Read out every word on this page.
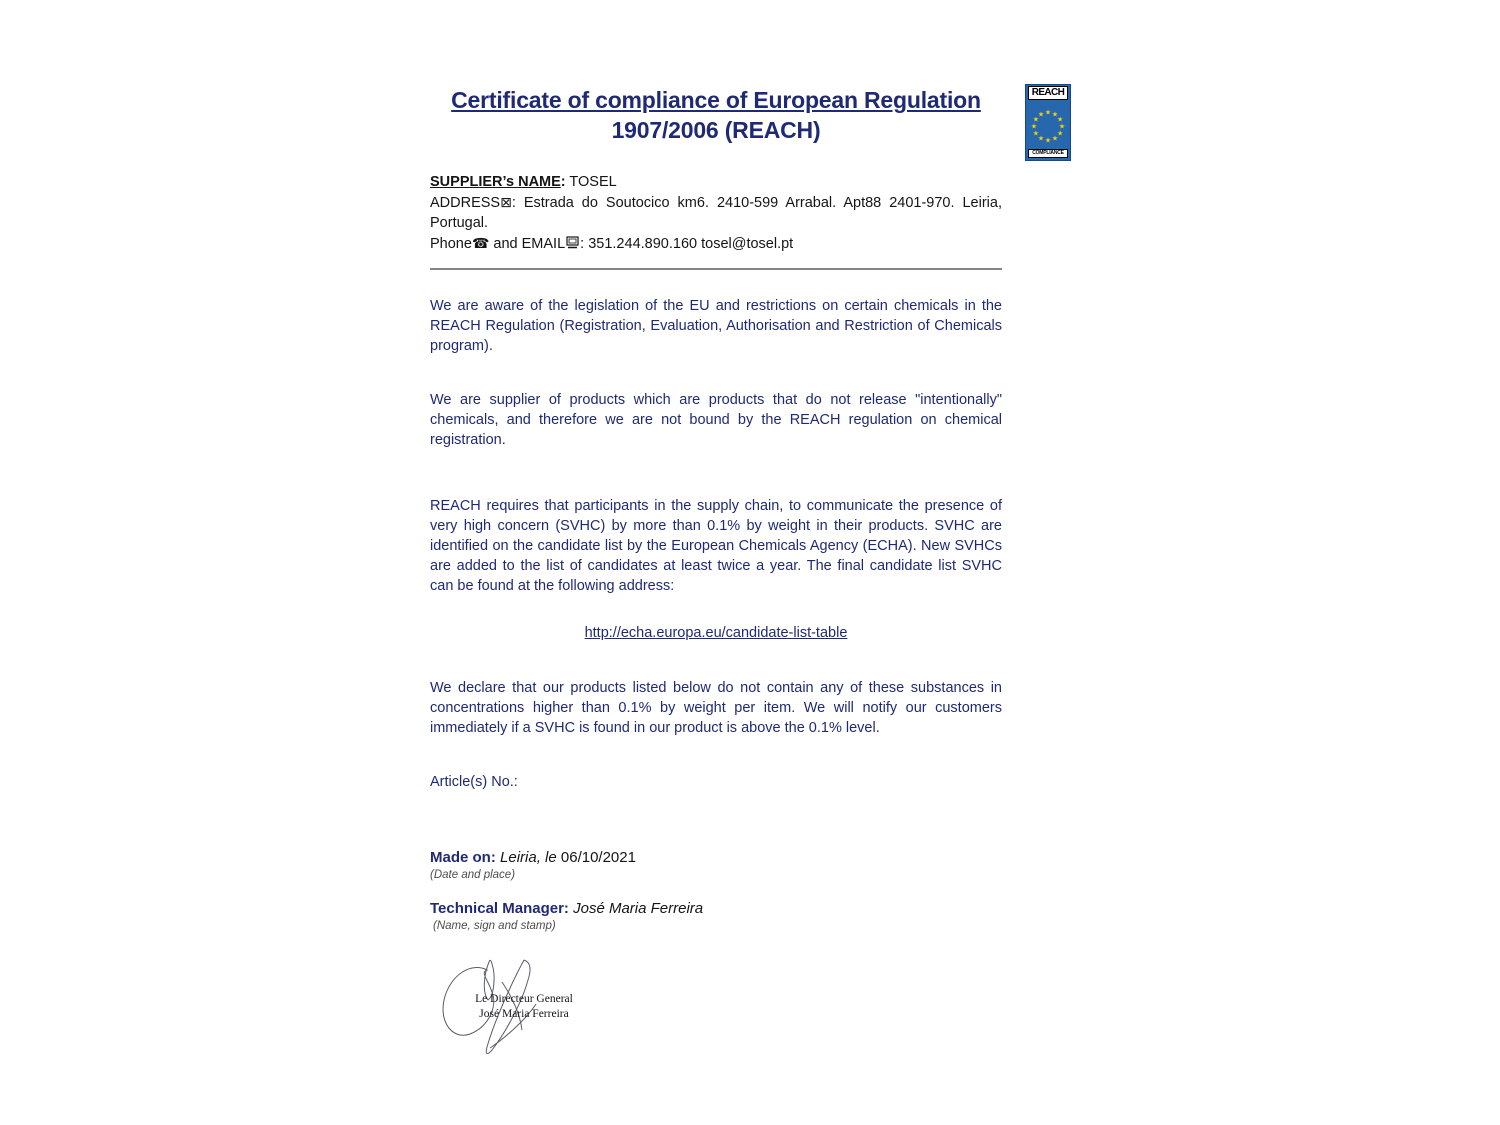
REACH
★ ★
★
★
★
★
★
★
★
★
★
★
COMPLIANCE
Certificate of compliance of European Regulation
1907/2006 (REACH)
SUPPLIER’s NAME: TOSEL
ADDRESS⊠: Estrada do Soutocico km6. 2410-599 Arrabal. Apt88 2401-970. Leiria, Portugal.
Phone☎ and EMAIL : 351.244.890.160 tosel@tosel.pt

We are aware of the legislation of the EU and restrictions on certain chemicals in the REACH Regulation (Registration, Evaluation, Authorisation and Restriction of Chemicals program).

We are supplier of products which are products that do not release "intentionally" chemicals, and therefore we are not bound by the REACH regulation on chemical registration.

REACH requires that participants in the supply chain, to communicate the presence of very high concern (SVHC) by more than 0.1% by weight in their products. SVHC are identified on the candidate list by the European Chemicals Agency (ECHA). New SVHCs are added to the list of candidates at least twice a year. The final candidate list SVHC can be found at the following address:

http://echa.europa.eu/candidate-list-table

We declare that our products listed below do not contain any of these substances in concentrations higher than 0.1% by weight per item. We will notify our customers immediately if a SVHC is found in our product is above the 0.1% level.

Article(s) No.:
Made on: Leiria, le 06/10/2021
(Date and place)
Technical Manager: José Maria Ferreira
(Name, sign and stamp)
Le Directeur General
José Maria Ferreira
